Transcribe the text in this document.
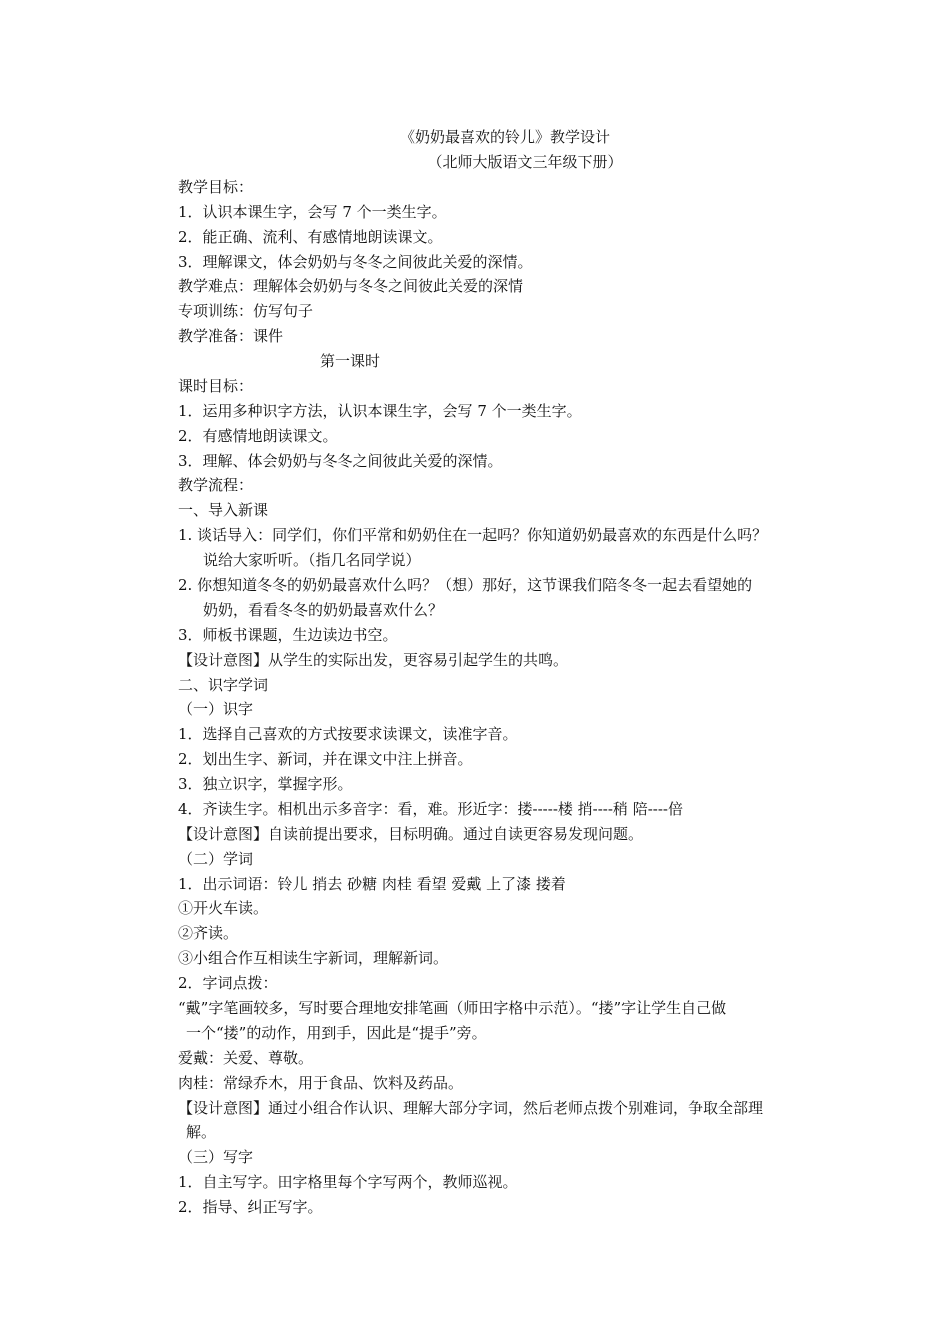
《奶奶最喜欢的铃儿》教学设计
（北师大版语文三年级下册）
教学目标：
1．认识本课生字，会写 7 个一类生字。
2．能正确、流利、有感情地朗读课文。
3．理解课文，体会奶奶与冬冬之间彼此关爱的深情。
教学难点：理解体会奶奶与冬冬之间彼此关爱的深情
专项训练：仿写句子
教学准备：课件
第一课时
课时目标：
1．运用多种识字方法，认识本课生字，会写 7 个一类生字。
2．有感情地朗读课文。
3．理解、体会奶奶与冬冬之间彼此关爱的深情。
教学流程：
一、导入新课
1. 谈话导入：同学们，你们平常和奶奶住在一起吗？你知道奶奶最喜欢的东西是什么吗？
说给大家听听。（指几名同学说）
2. 你想知道冬冬的奶奶最喜欢什么吗？（想）那好，这节课我们陪冬冬一起去看望她的
奶奶，看看冬冬的奶奶最喜欢什么？
3．师板书课题，生边读边书空。
【设计意图】从学生的实际出发，更容易引起学生的共鸣。
二、识字学词
（一）识字
1．选择自己喜欢的方式按要求读课文，读准字音。
2．划出生字、新词，并在课文中注上拼音。
3．独立识字，掌握字形。
4．齐读生字。相机出示多音字：看，难。形近字：搂-----楼 捎----稍 陪----倍
【设计意图】自读前提出要求，目标明确。通过自读更容易发现问题。
（二）学词
1．出示词语：铃儿 捎去 砂糖 肉桂 看望 爱戴 上了漆 搂着
①开火车读。
②齐读。
③小组合作互相读生字新词，理解新词。
2．字词点拨：
“戴”字笔画较多，写时要合理地安排笔画（师田字格中示范）。“搂”字让学生自己做
一个“搂”的动作，用到手，因此是“提手”旁。
爱戴：关爱、尊敬。
肉桂：常绿乔木，用于食品、饮料及药品。
【设计意图】通过小组合作认识、理解大部分字词，然后老师点拨个别难词，争取全部理
解。
（三）写字
1．自主写字。田字格里每个字写两个，教师巡视。
2．指导、纠正写字。
